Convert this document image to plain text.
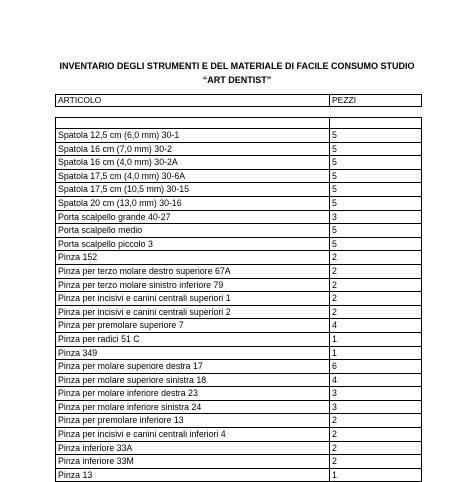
INVENTARIO DEGLI STRUMENTI E DEL MATERIALE DI FACILE CONSUMO STUDIO
“ART DENTIST”
ARTICOLO	PEZZI

Spatola 12,5 cm (6,0 mm) 30-1	5
Spatola 16 cm (7,0 mm) 30-2	5
Spatola 16 cm (4,0 mm) 30-2A	5
Spatola 17,5 cm (4,0 mm) 30-6A	5
Spatola 17,5 cm (10,5 mm) 30-15	5
Spatola 20 cm (13,0 mm) 30-16	5
Porta scalpello grande 40-27	3
Porta scalpello medio	5
Porta scalpello piccolo 3	5
Pinza 152	2
Pinza per terzo molare destro superiore 67A	2
Pinza per terzo molare sinistro inferiore 79	2
Pinza per incisivi e canini centrali superiori 1	2
Pinza per incisivi e canini centrali superiori 2	2
Pinza per premolare superiore 7	4
Pinza per radici 51 C	1
Pinza 349	1
Pinza per molare superiore destra 17	6
Pinza per molare superiore sinistra 18	4
Pinza per molare inferiore destra 23	3
Pinza per molare inferiore sinistra 24	3
Pinza per premolare inferiore 13	2
Pinza per incisivi e canini centrali inferiori 4	2
Pinza inferiore 33A	2
Pinza inferiore 33M	2
Pinza 13	1
